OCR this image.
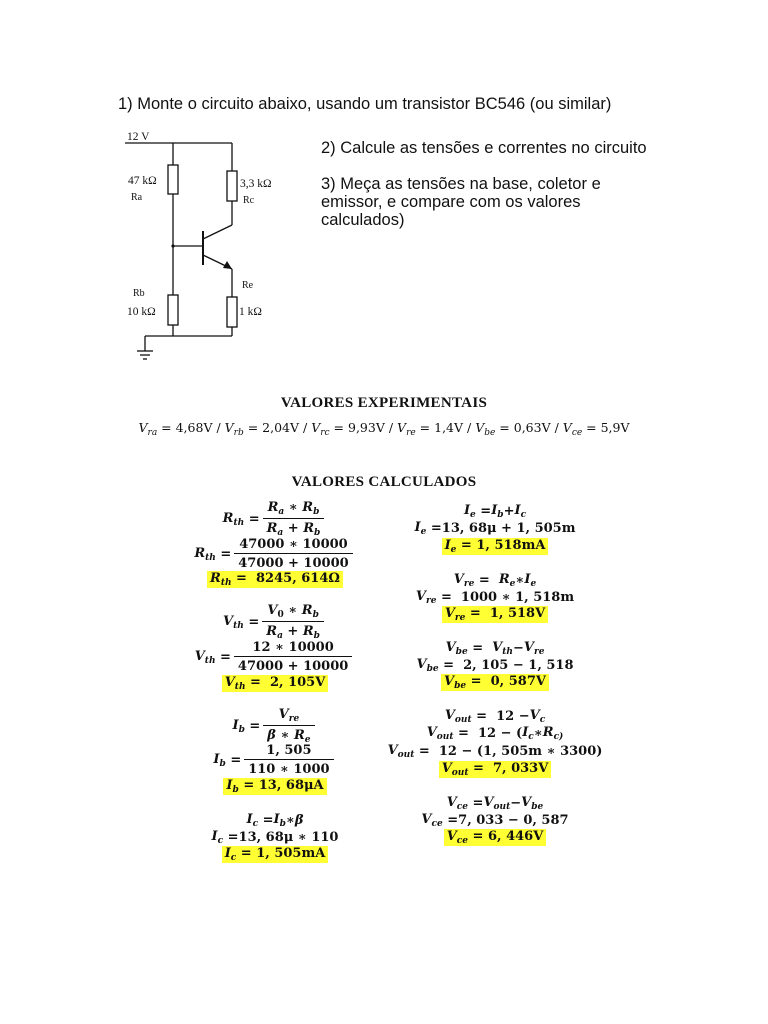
1) Monte o circuito abaixo, usando um transistor BC546 (ou similar)
2) Calcule as tensões e correntes no circuito
3) Meça as tensões na base, coletor e
emissor, e compare com os valores
calculados)
12 V
47 kΩ
Ra
3,3 kΩ
Rc
Rb
10 kΩ
Re
1 kΩ
VALORES EXPERIMENTAIS
$V_{ra} = 4,68V / V_{rb} = 2,04V / V_{rc} = 9,93V / V_{re} = 1,4V / V_{be} = 0,63V / V_{ce} = 5,9V$
VALORES CALCULADOS
$R_{th} = \frac{R_a ∗ R_b}{R_a + R_b}$
$R_{th} = \frac{47000 ∗ 10000}{47000 + 10000}$
$R_{th} = 8245$, 614Ω
$V_{th} = \frac{V_0 ∗ R_b}{R_a + R_b}$
$V_{th} = \frac{12 ∗ 10000}{47000 + 10000}$
$V_{th} = 2$, 105V
$I_b = \frac{V_{re}}{\beta ∗ R_e}$
$I_b = \frac{1, 505}{110 ∗ 1000}$
$I_b = 13$, 68μA
$I_c = I_b$ ∗ β
$I_c = 13$, 68μ ∗ 110
$I_c = 1$, 505mA
$I_e = I_b + I_c$
$I_e = 13$, 68μ + 1, 505m
$I_e = 1$, 518mA
$V_{re} = R_e$ ∗ $I_e$
$V_{re} = 1000$ ∗ 1, 518m
$V_{re} = 1$, 518V
$V_{be} = V_{th} - V_{re}$
$V_{be} = 2$, 105 − 1, 518
$V_{be} = 0$, 587V
$V_{out} = 12 - V_c$
$V_{out} = 12$ − ( $I_c$ ∗ $R_{c)}$
$V_{out} = 12 - (1$, 505m ∗ 3300)
$V_{out} = 7$, 033V
$V_{ce} = V_{out} - V_{be}$
$V_{ce} = 7$, 033 − 0, 587
$V_{ce} = 6$, 446V
